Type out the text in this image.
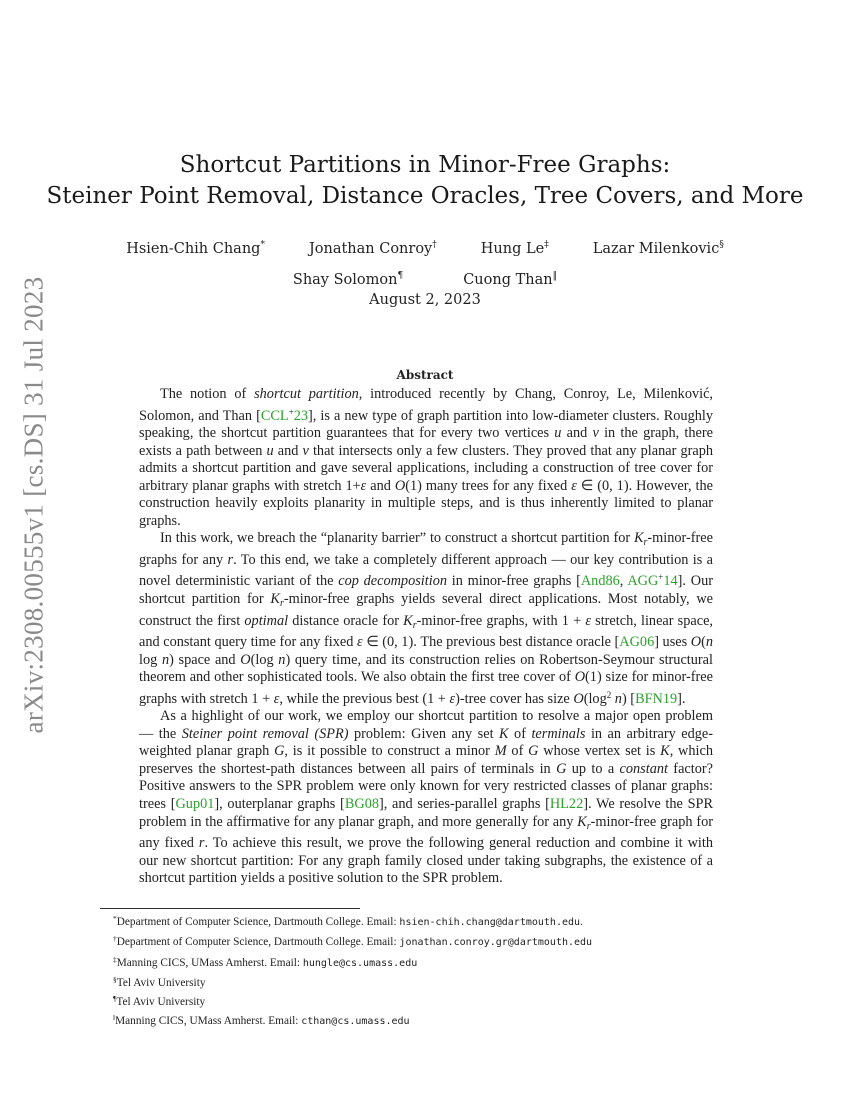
arXiv:2308.00555v1 [cs.DS] 31 Jul 2023
Shortcut Partitions in Minor-Free Graphs:
Steiner Point Removal, Distance Oracles, Tree Covers, and More
Hsien-Chih Chang*	Jonathan Conroy†	Hung Le‡	Lazar Milenkovic§
Shay Solomon¶	Cuong Than‖
August 2, 2023
Abstract

The notion of shortcut partition, introduced recently by Chang, Conroy, Le, Milenković, Solomon, and Than [CCL+23], is a new type of graph partition into low-diameter clusters. Roughly speaking, the shortcut partition guarantees that for every two vertices u and v in the graph, there exists a path between u and v that intersects only a few clusters. They proved that any planar graph admits a shortcut partition and gave several applications, including a construction of tree cover for arbitrary planar graphs with stretch 1+ε and O(1) many trees for any fixed ε ∈ (0, 1). However, the construction heavily exploits planarity in multiple steps, and is thus inherently limited to planar graphs.

In this work, we breach the “planarity barrier” to construct a shortcut partition for $K_r-minor$-free graphs for any r. To this end, we take a completely different approach — our key contribution is a novel deterministic variant of the cop decomposition in minor-free graphs [And86, AGG+14]. Our shortcut partition for $K_r-minor$-free graphs yields several direct applications. Most notably, we construct the first optimal distance oracle for $K_r-minor$-free graphs, with 1 + ε stretch, linear space, and constant query time for any fixed ε ∈ (0, 1). The previous best distance oracle [AG06] uses O(n log n) space and O(log n) query time, and its construction relies on Robertson-Seymour structural theorem and other sophisticated tools. We also obtain the first tree cover of O(1) size for minor-free graphs with stretch 1 + ε, while the previous best (1 + ε)-tree cover has size $O(\log^2$ n) [BFN19].

As a highlight of our work, we employ our shortcut partition to resolve a major open problem — the Steiner point removal (SPR) problem: Given any set K of terminals in an arbitrary edge-weighted planar graph G, is it possible to construct a minor M of G whose vertex set is K, which preserves the shortest-path distances between all pairs of terminals in G up to a constant factor? Positive answers to the SPR problem were only known for very restricted classes of planar graphs: trees [Gup01], outerplanar graphs [BG08], and series-parallel graphs [HL22]. We resolve the SPR problem in the affirmative for any planar graph, and more generally for any $K_r-minor$-free graph for any fixed r. To achieve this result, we prove the following general reduction and combine it with our new shortcut partition: For any graph family closed under taking subgraphs, the existence of a shortcut partition yields a positive solution to the SPR problem.

*Department of Computer Science, Dartmouth College. Email: hsien-chih.chang@dartmouth.edu.
†Department of Computer Science, Dartmouth College. Email: jonathan.conroy.gr@dartmouth.edu
‡Manning CICS, UMass Amherst. Email: hungle@cs.umass.edu
§Tel Aviv University
¶Tel Aviv University
‖Manning CICS, UMass Amherst. Email: cthan@cs.umass.edu
